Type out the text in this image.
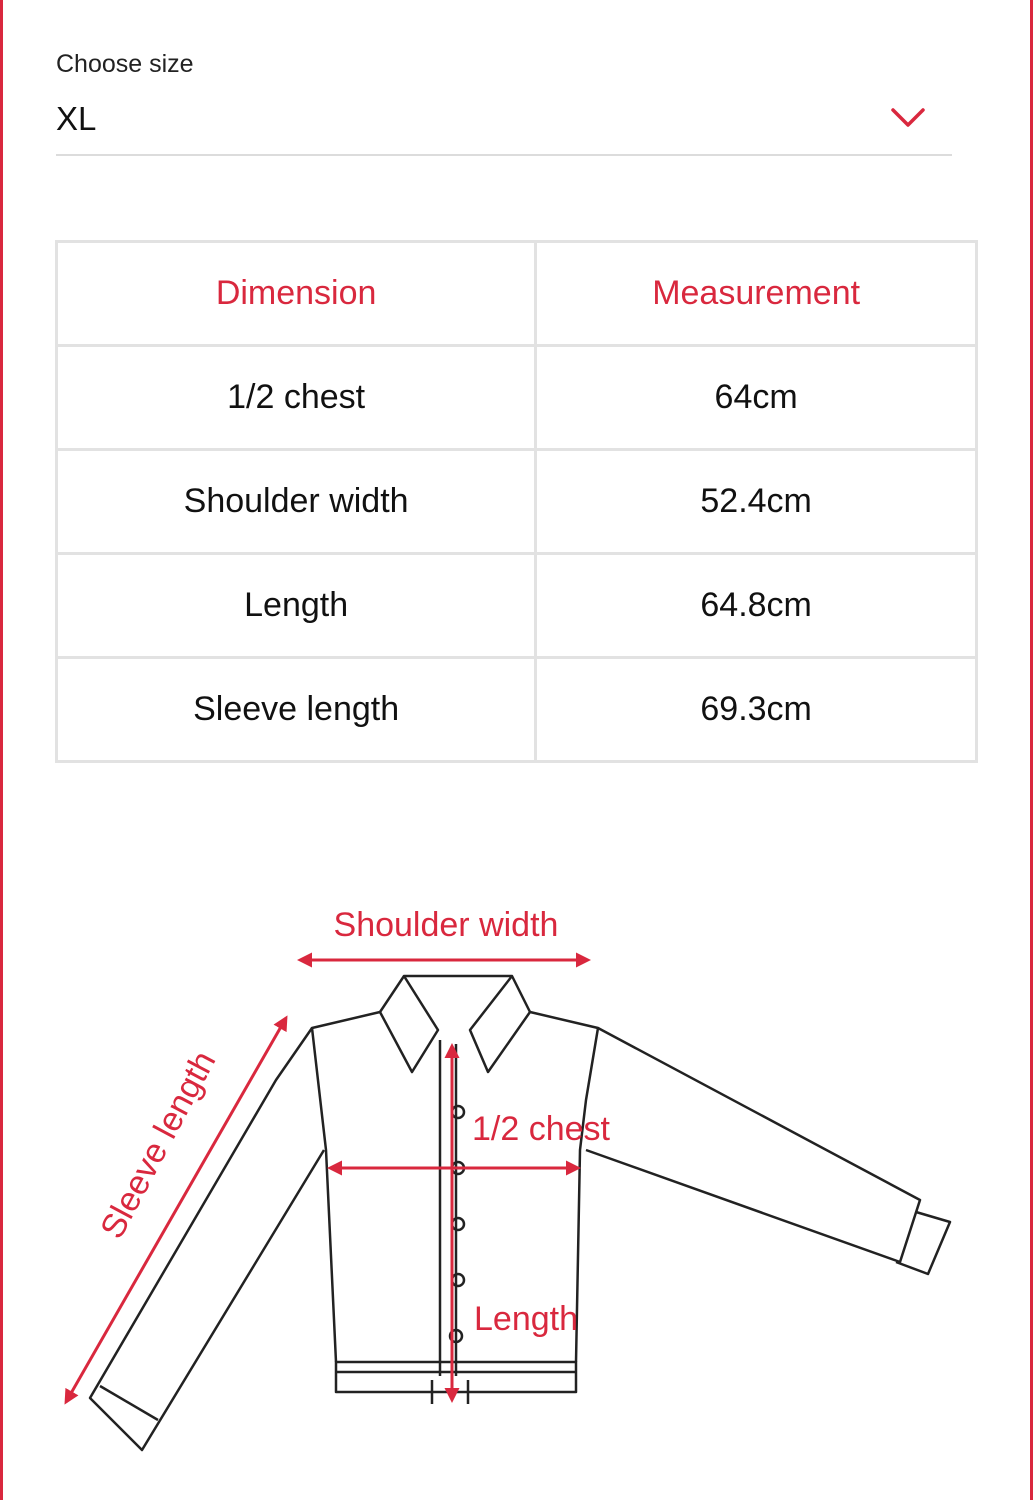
Choose size
XL
Dimension	Measurement
1/2 chest	64cm
Shoulder width	52.4cm
Length	64.8cm
Sleeve length	69.3cm
Shoulder width
1/2 chest
Length
Sleeve length
